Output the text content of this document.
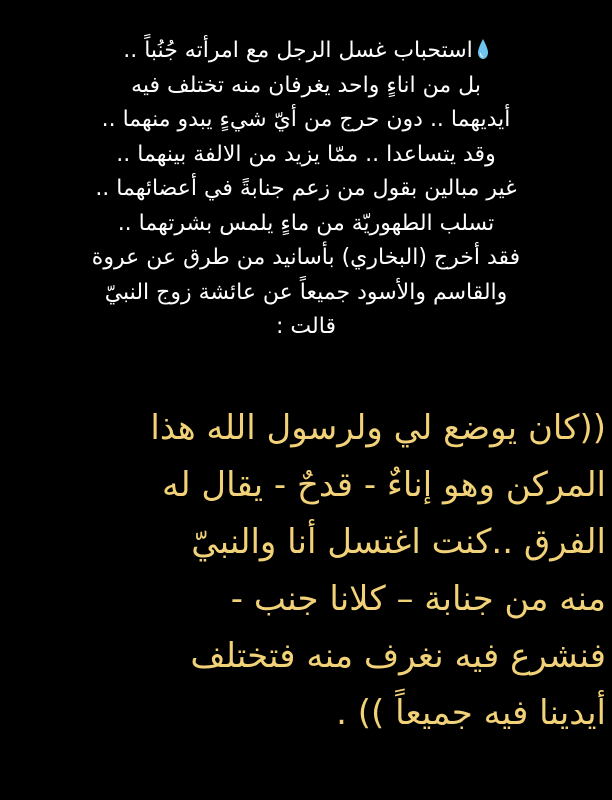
استحباب غسل الرجل مع امرأته جُنُباً ..
بل من اناءٍ واحد يغرفان منه تختلف فيه
أيديهما .. دون حرج من أيّ شيءٍ يبدو منهما ..
وقد يتساعدا .. ممّا يزيد من الالفة بينهما ..
غير مبالين بقول من زعم جنابةً في أعضائهما ..
تسلب الطهوريّة من ماءٍ يلمس بشرتهما ..
فقد أخرج (البخاري) بأسانيد من طرق عن عروة
والقاسم والأسود جميعاً عن عائشة زوج النبيّ
قالت :
((كان يوضع لي ولرسول الله هذا
المركن وهو إناءٌ - قدحٌ - يقال له
الفرق ..كنت اغتسل أنا والنبيّ
منه من جنابة – كلانا جنب -
فنشرع فيه نغرف منه فتختلف
أيدينا فيه جميعاً )) .
